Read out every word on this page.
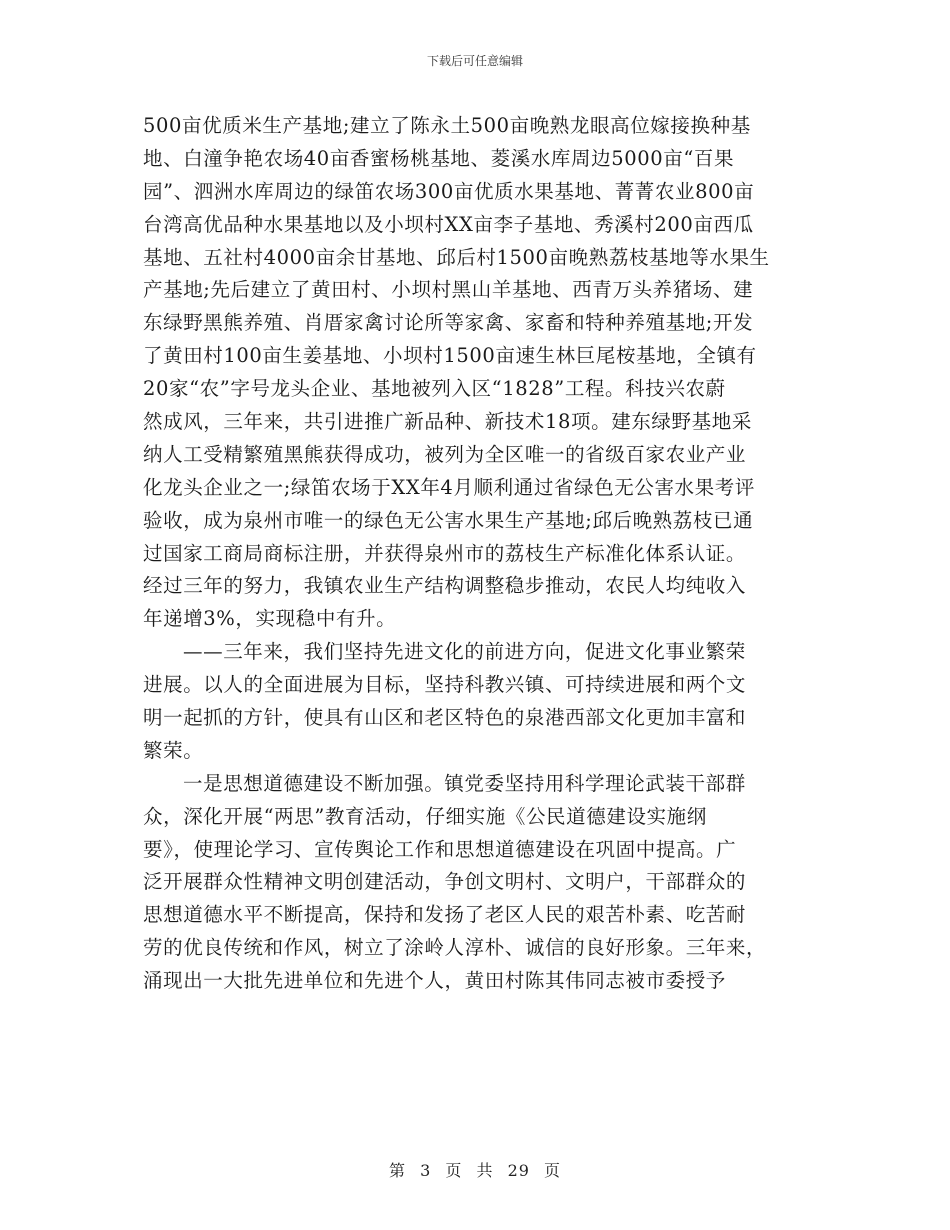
下载后可任意编辑
500亩优质米生产基地;建立了陈永土500亩晚熟龙眼高位嫁接换种基
地、白潼争艳农场40亩香蜜杨桃基地、菱溪水库周边5000亩“百果
园”、泗洲水库周边的绿笛农场300亩优质水果基地、菁菁农业800亩
台湾高优品种水果基地以及小坝村XX亩李子基地、秀溪村200亩西瓜
基地、五社村4000亩余甘基地、邱后村1500亩晚熟荔枝基地等水果生
产基地;先后建立了黄田村、小坝村黑山羊基地、西青万头养猪场、建
东绿野黑熊养殖、肖厝家禽讨论所等家禽、家畜和特种养殖基地;开发
了黄田村100亩生姜基地、小坝村1500亩速生林巨尾桉基地，全镇有
20家“农”字号龙头企业、基地被列入区“1828”工程。科技兴农蔚
然成风，三年来，共引进推广新品种、新技术18项。建东绿野基地采
纳人工受精繁殖黑熊获得成功，被列为全区唯一的省级百家农业产业
化龙头企业之一;绿笛农场于XX年4月顺利通过省绿色无公害水果考评
验收，成为泉州市唯一的绿色无公害水果生产基地;邱后晚熟荔枝已通
过国家工商局商标注册，并获得泉州市的荔枝生产标准化体系认证。
经过三年的努力，我镇农业生产结构调整稳步推动，农民人均纯收入
年递增3%，实现稳中有升。
——三年来，我们坚持先进文化的前进方向，促进文化事业繁荣
进展。以人的全面进展为目标，坚持科教兴镇、可持续进展和两个文
明一起抓的方针，使具有山区和老区特色的泉港西部文化更加丰富和
繁荣。
一是思想道德建设不断加强。镇党委坚持用科学理论武装干部群
众，深化开展“两思”教育活动，仔细实施《公民道德建设实施纲
要》，使理论学习、宣传舆论工作和思想道德建设在巩固中提高。广
泛开展群众性精神文明创建活动，争创文明村、文明户，干部群众的
思想道德水平不断提高，保持和发扬了老区人民的艰苦朴素、吃苦耐
劳的优良传统和作风，树立了涂岭人淳朴、诚信的良好形象。三年来，
涌现出一大批先进单位和先进个人，黄田村陈其伟同志被市委授予
第 3 页 共 29 页
